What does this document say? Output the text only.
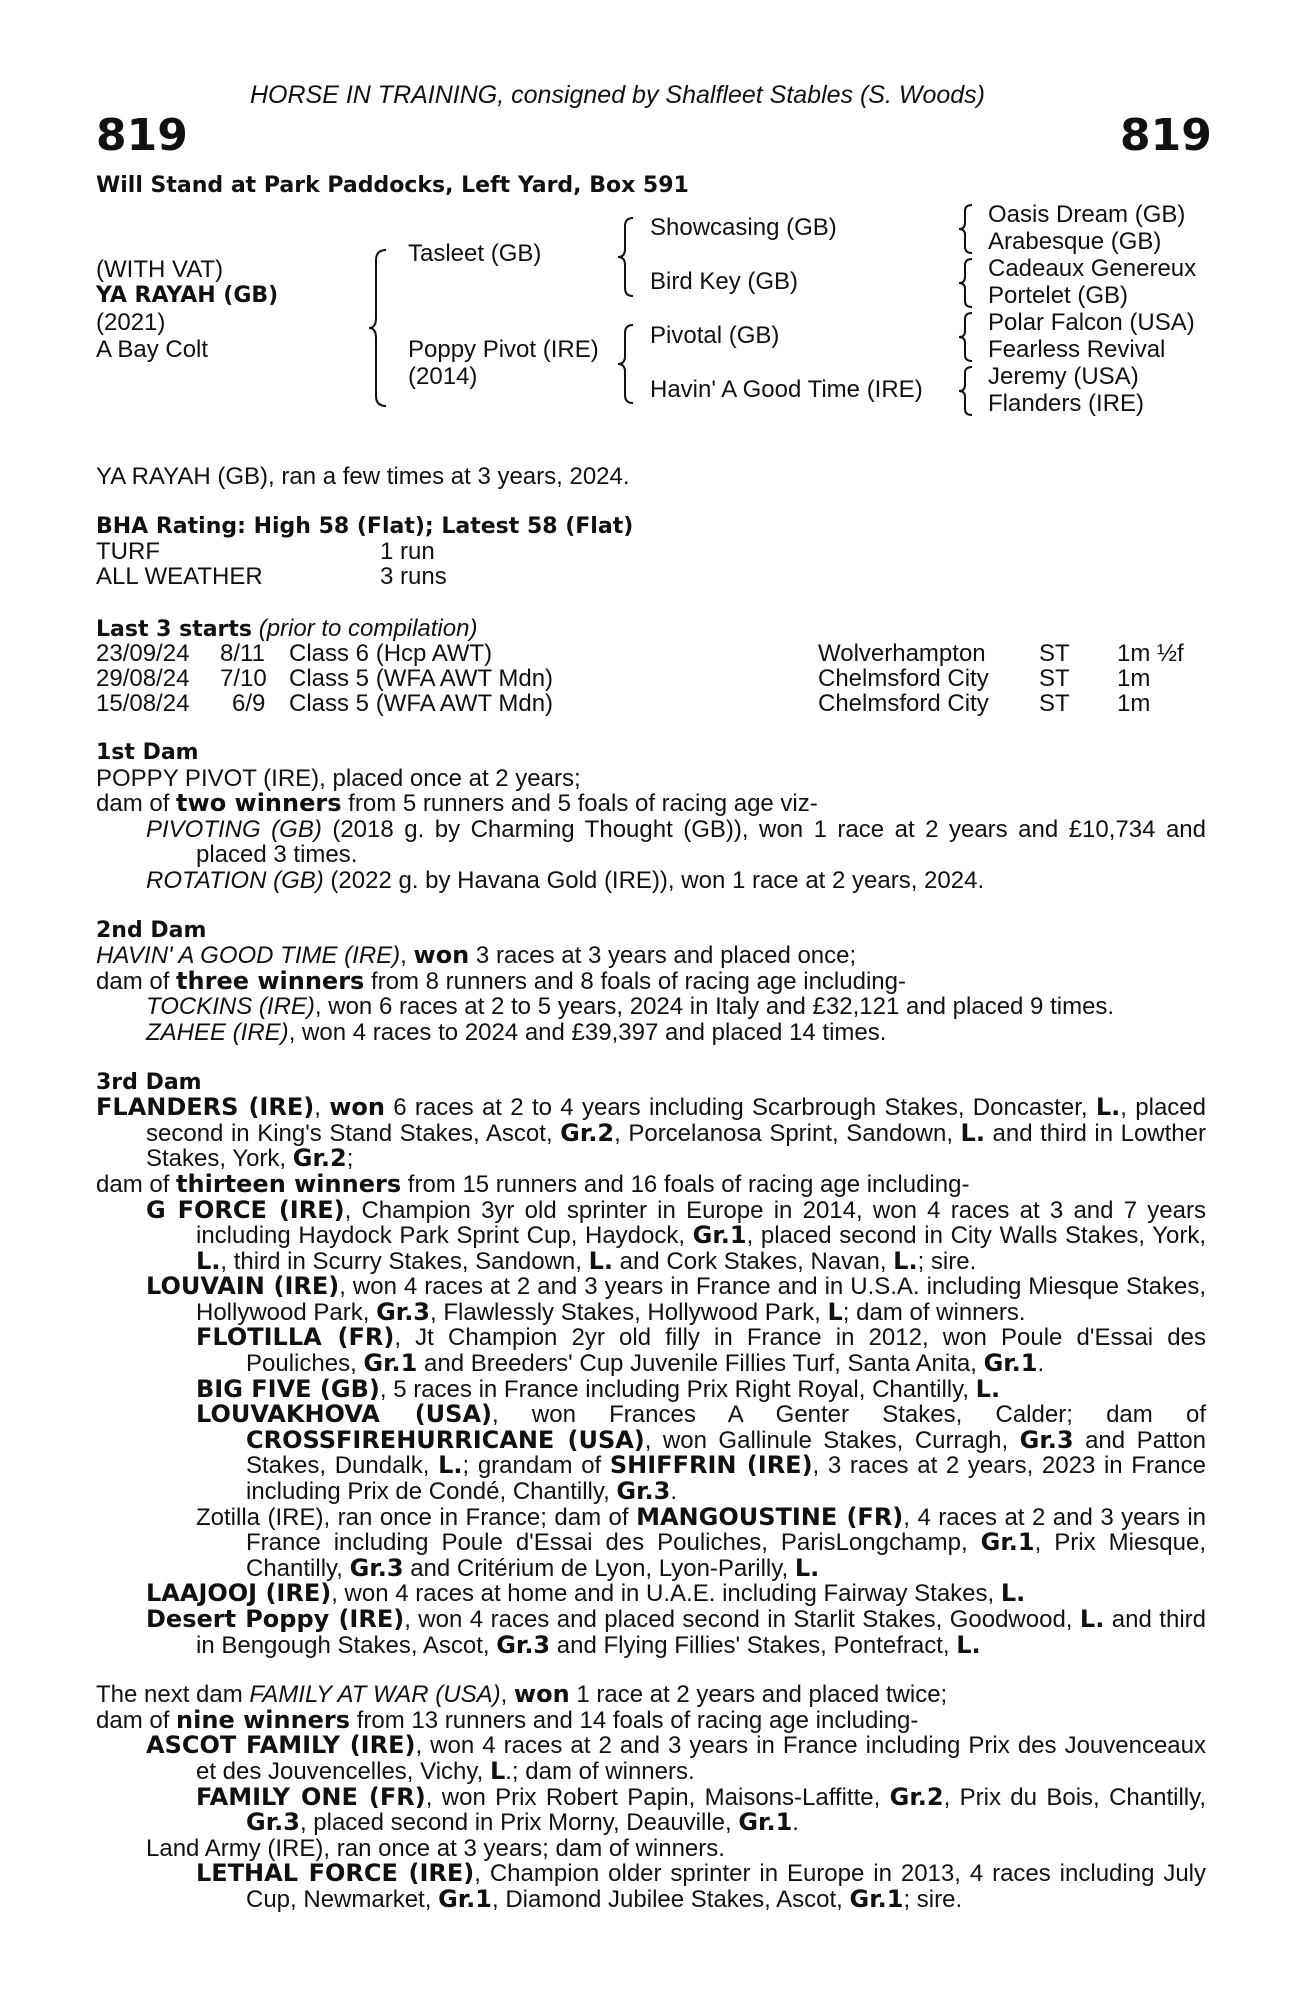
HORSE IN TRAINING, consigned by Shalfleet Stables (S. Woods)
819	819
Will Stand at Park Paddocks, Left Yard, Box 591
(WITH VAT)
YA RAYAH (GB)
(2021)
A Bay Colt
Tasleet (GB)
Poppy Pivot (IRE)
(2014)
Showcasing (GB)
Bird Key (GB)
Pivotal (GB)
Havin' A Good Time (IRE)
Oasis Dream (GB)
Arabesque (GB)
Cadeaux Genereux
Portelet (GB)
Polar Falcon (USA)
Fearless Revival
Jeremy (USA)
Flanders (IRE)
YA RAYAH (GB), ran a few times at 3 years, 2024.
BHA Rating: High 58 (Flat); Latest 58 (Flat)
TURF	1 run
ALL WEATHER	3 runs
Last 3 starts (prior to compilation)
23/09/24 8/11 Class 6 (Hcp AWT)	Wolverhampton ST 1m ½f
29/08/24 7/10 Class 5 (WFA AWT Mdn)	Chelmsford City ST 1m
15/08/24 6/9 Class 5 (WFA AWT Mdn)	Chelmsford City ST 1m

1st Dam

POPPY PIVOT (IRE), placed once at 2 years;

dam of two winners from 5 runners and 5 foals of racing age viz-

PIVOTING (GB) (2018 g. by Charming Thought (GB)), won 1 race at 2 years and £10,734 and placed 3 times.

ROTATION (GB) (2022 g. by Havana Gold (IRE)), won 1 race at 2 years, 2024.

2nd Dam

HAVIN' A GOOD TIME (IRE), won 3 races at 3 years and placed once;

dam of three winners from 8 runners and 8 foals of racing age including-

TOCKINS (IRE), won 6 races at 2 to 5 years, 2024 in Italy and £32,121 and placed 9 times.

ZAHEE (IRE), won 4 races to 2024 and £39,397 and placed 14 times.

3rd Dam

FLANDERS (IRE), won 6 races at 2 to 4 years including Scarbrough Stakes, Doncaster, L., placed second in King's Stand Stakes, Ascot, Gr.2, Porcelanosa Sprint, Sandown, L. and third in Lowther Stakes, York, Gr.2;

dam of thirteen winners from 15 runners and 16 foals of racing age including-

G FORCE (IRE), Champion 3yr old sprinter in Europe in 2014, won 4 races at 3 and 7 years including Haydock Park Sprint Cup, Haydock, Gr.1, placed second in City Walls Stakes, York, L., third in Scurry Stakes, Sandown, L. and Cork Stakes, Navan, L.; sire.

LOUVAIN (IRE), won 4 races at 2 and 3 years in France and in U.S.A. including Miesque Stakes, Hollywood Park, Gr.3, Flawlessly Stakes, Hollywood Park, L; dam of winners.

FLOTILLA (FR), Jt Champion 2yr old filly in France in 2012, won Poule d'Essai des Pouliches, Gr.1 and Breeders' Cup Juvenile Fillies Turf, Santa Anita, Gr.1.

BIG FIVE (GB), 5 races in France including Prix Right Royal, Chantilly, L.

LOUVAKHOVA (USA), won Frances A Genter Stakes, Calder; dam of CROSSFIREHURRICANE (USA), won Gallinule Stakes, Curragh, Gr.3 and Patton Stakes, Dundalk, L.; grandam of SHIFFRIN (IRE), 3 races at 2 years, 2023 in France including Prix de Condé, Chantilly, Gr.3.

Zotilla (IRE), ran once in France; dam of MANGOUSTINE (FR), 4 races at 2 and 3 years in France including Poule d'Essai des Pouliches, ParisLongchamp, Gr.1, Prix Miesque, Chantilly, Gr.3 and Critérium de Lyon, Lyon-Parilly, L.

LAAJOOJ (IRE), won 4 races at home and in U.A.E. including Fairway Stakes, L.

Desert Poppy (IRE), won 4 races and placed second in Starlit Stakes, Goodwood, L. and third in Bengough Stakes, Ascot, Gr.3 and Flying Fillies' Stakes, Pontefract, L.

The next dam FAMILY AT WAR (USA), won 1 race at 2 years and placed twice;

dam of nine winners from 13 runners and 14 foals of racing age including-

ASCOT FAMILY (IRE), won 4 races at 2 and 3 years in France including Prix des Jouvenceaux et des Jouvencelles, Vichy, L.; dam of winners.

FAMILY ONE (FR), won Prix Robert Papin, Maisons-Laffitte, Gr.2, Prix du Bois, Chantilly, Gr.3, placed second in Prix Morny, Deauville, Gr.1.

Land Army (IRE), ran once at 3 years; dam of winners.

LETHAL FORCE (IRE), Champion older sprinter in Europe in 2013, 4 races including July Cup, Newmarket, Gr.1, Diamond Jubilee Stakes, Ascot, Gr.1; sire.
